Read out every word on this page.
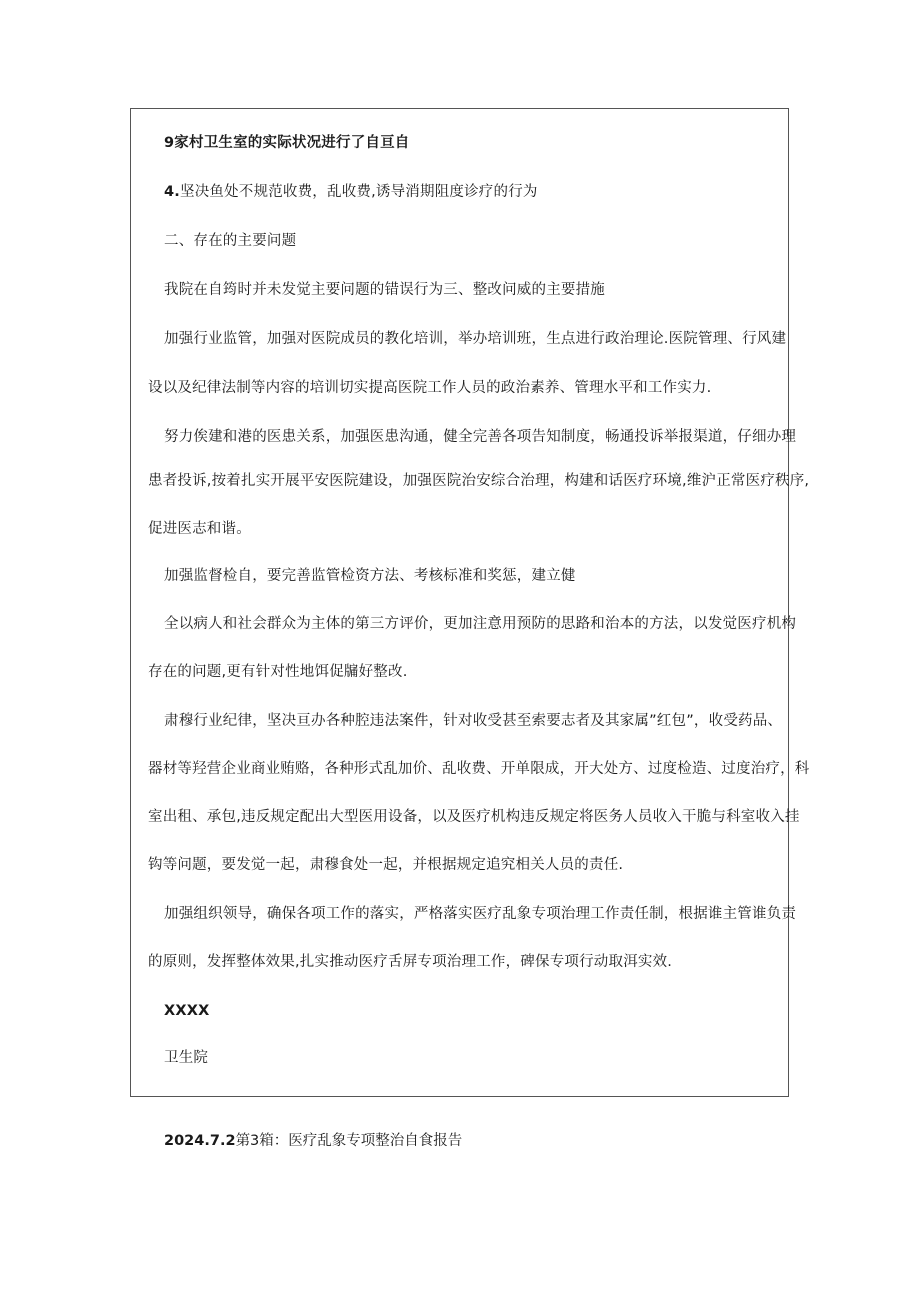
9家村卫生室的实际状况进行了自亘自
4.坚决鱼处不规范收费，乱收费,诱导消期阻度诊疗的行为
二、存在的主要问题
我院在自筠时并未发觉主要问题的错误行为三、整改问威的主要措施
加强行业监管，加强对医院成员的教化培训，举办培训班，生点进行政治理论.医院管理、行风建
设以及纪律法制等内容的培训切实提高医院工作人员的政治素养、管理水平和工作实力.
努力俟建和港的医患关系，加强医患沟通，健全完善各项告知制度，畅通投诉举报渠道，仔细办理
患者投诉,按着扎实开展平安医院建设，加强医院治安综合治理，构建和话医疗环境,维沪正常医疗秩序,
促进医志和谐。
加强监督检自，要完善监管检资方法、考核标准和奖惩，建立健
全以病人和社会群众为主体的第三方评价，更加注意用预防的思路和治本的方法，以发觉医疗机构
存在的问题,更有针对性地饵促牖好整改.
肃穆行业纪律，坚决亘办各种腔违法案件，针对收受甚至索要志者及其家属”红包”，收受药品、
器材等羟营企业商业贿赂，各种形式乱加价、乱收费、开单限成，开大处方、过度检造、过度治疗，科
室出租、承包,违反规定配出大型医用设备，以及医疗机构违反规定将医务人员收入干脆与科室收入挂
钩等问题，要发觉一起，肃穆食处一起，并根据规定追究相关人员的责任.
加强组织领导，确保各项工作的落实，严格落实医疗乱象专项治理工作责任制，根据谁主管谁负责
的原则，发挥整体效果,扎实推动医疗舌屏专项治理工作，碑保专项行动取洱实效.
XXXX
卫生院
2024.7.2第3箱：医疗乱象专项整治自食报告
